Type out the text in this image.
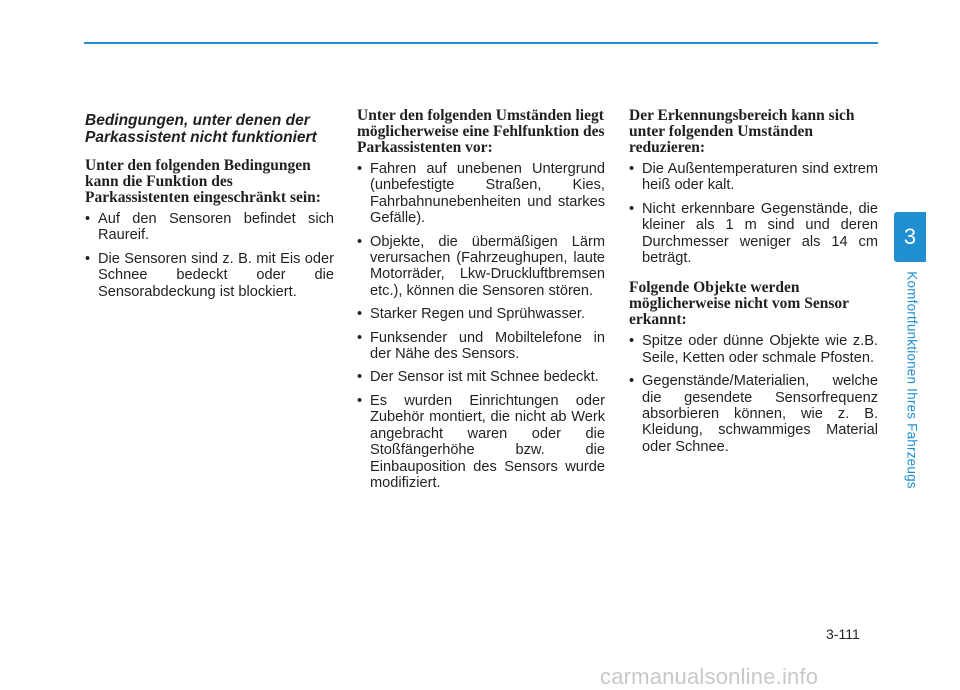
Bedingungen, unter denen der Parkassistent nicht funktioniert
Unter den folgenden Bedingungen kann die Funktion des Parkassistenten eingeschränkt sein:
• Auf den Sensoren befindet sich Raureif.
• Die Sensoren sind z. B. mit Eis oder Schnee bedeckt oder die Sensorabdeckung ist blockiert.
Unter den folgenden Umständen liegt möglicherweise eine Fehlfunktion des Parkassistenten vor:
• Fahren auf unebenen Untergrund (unbefestigte Straßen, Kies, Fahrbahnunebenheiten und starkes Gefälle).
• Objekte, die übermäßigen Lärm verursachen (Fahrzeughupen, laute Motorräder, Lkw-Druckluftbremsen etc.), können die Sensoren stören.
• Starker Regen und Sprühwasser.
• Funksender und Mobiltelefone in der Nähe des Sensors.
• Der Sensor ist mit Schnee bedeckt.
• Es wurden Einrichtungen oder Zubehör montiert, die nicht ab Werk angebracht waren oder die Stoßfängerhöhe bzw. die Einbauposition des Sensors wurde modifiziert.
Der Erkennungsbereich kann sich unter folgenden Umständen reduzieren:
• Die Außentemperaturen sind extrem heiß oder kalt.
• Nicht erkennbare Gegenstände, die kleiner als 1 m sind und deren Durchmesser weniger als 14 cm beträgt.
Folgende Objekte werden möglicherweise nicht vom Sensor erkannt:
• Spitze oder dünne Objekte wie z.B. Seile, Ketten oder schmale Pfosten.
• Gegenstände/Materialien, welche die gesendete Sensorfrequenz absorbieren können, wie z. B. Kleidung, schwammiges Material oder Schnee.
3
Komfortfunktionen Ihres Fahrzeugs
3-111
carmanualsonline.info
